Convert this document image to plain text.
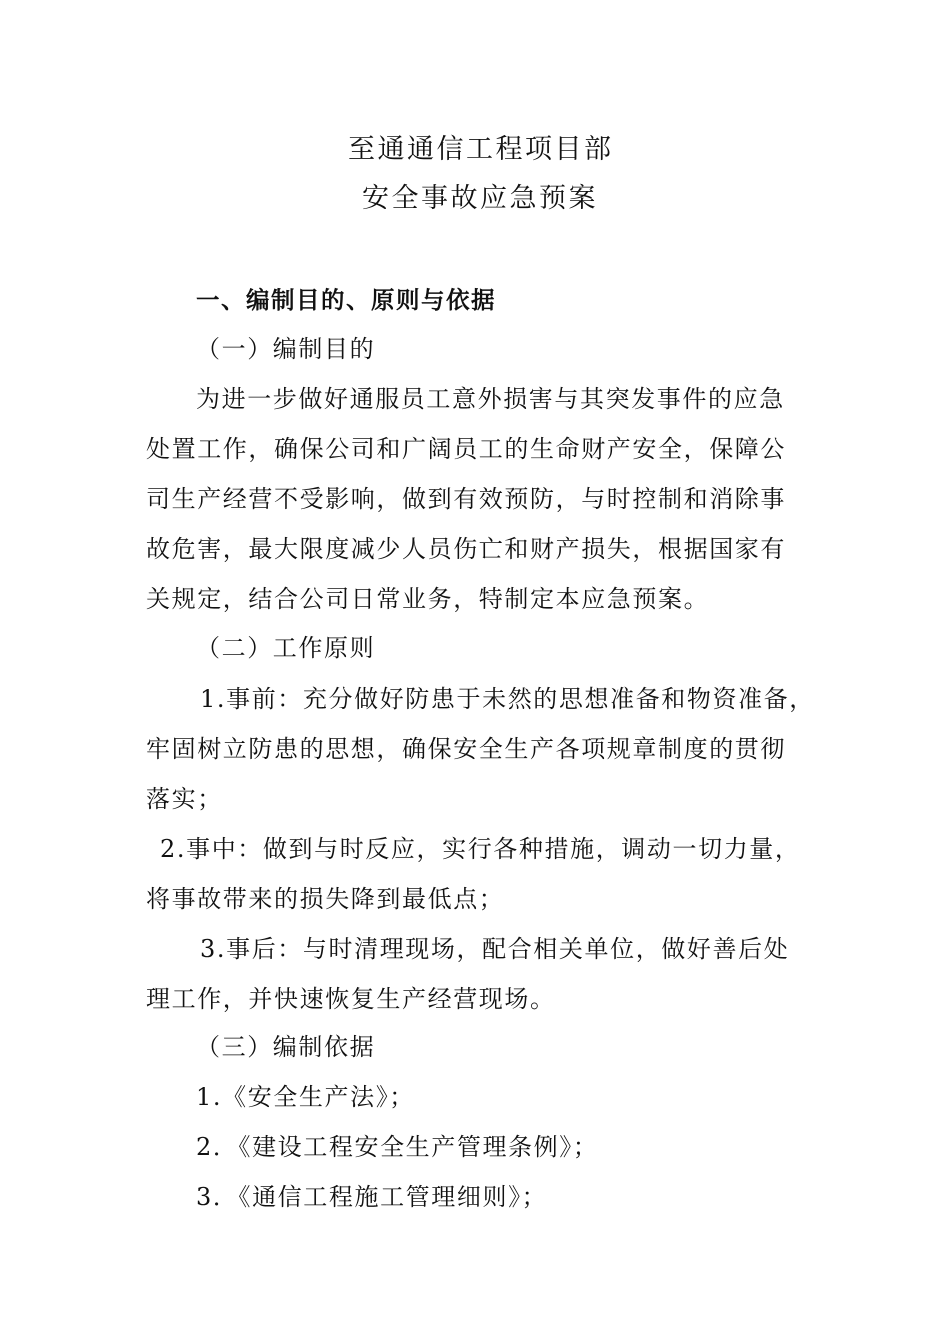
至通通信工程项目部
安全事故应急预案
一、编制目的、原则与依据
（一）编制目的
为进一步做好通服员工意外损害与其突发事件的应急
处置工作，确保公司和广阔员工的生命财产安全，保障公
司生产经营不受影响，做到有效预防，与时控制和消除事
故危害，最大限度减少人员伤亡和财产损失，根据国家有
关规定，结合公司日常业务，特制定本应急预案。
（二）工作原则
1.事前：充分做好防患于未然的思想准备和物资准备，
牢固树立防患的思想，确保安全生产各项规章制度的贯彻
落实；
2.事中：做到与时反应，实行各种措施，调动一切力量，
将事故带来的损失降到最低点；
3.事后：与时清理现场，配合相关单位，做好善后处
理工作，并快速恢复生产经营现场。
（三）编制依据
1.《安全生产法》；
2．《建设工程安全生产管理条例》；
3．《通信工程施工管理细则》；
